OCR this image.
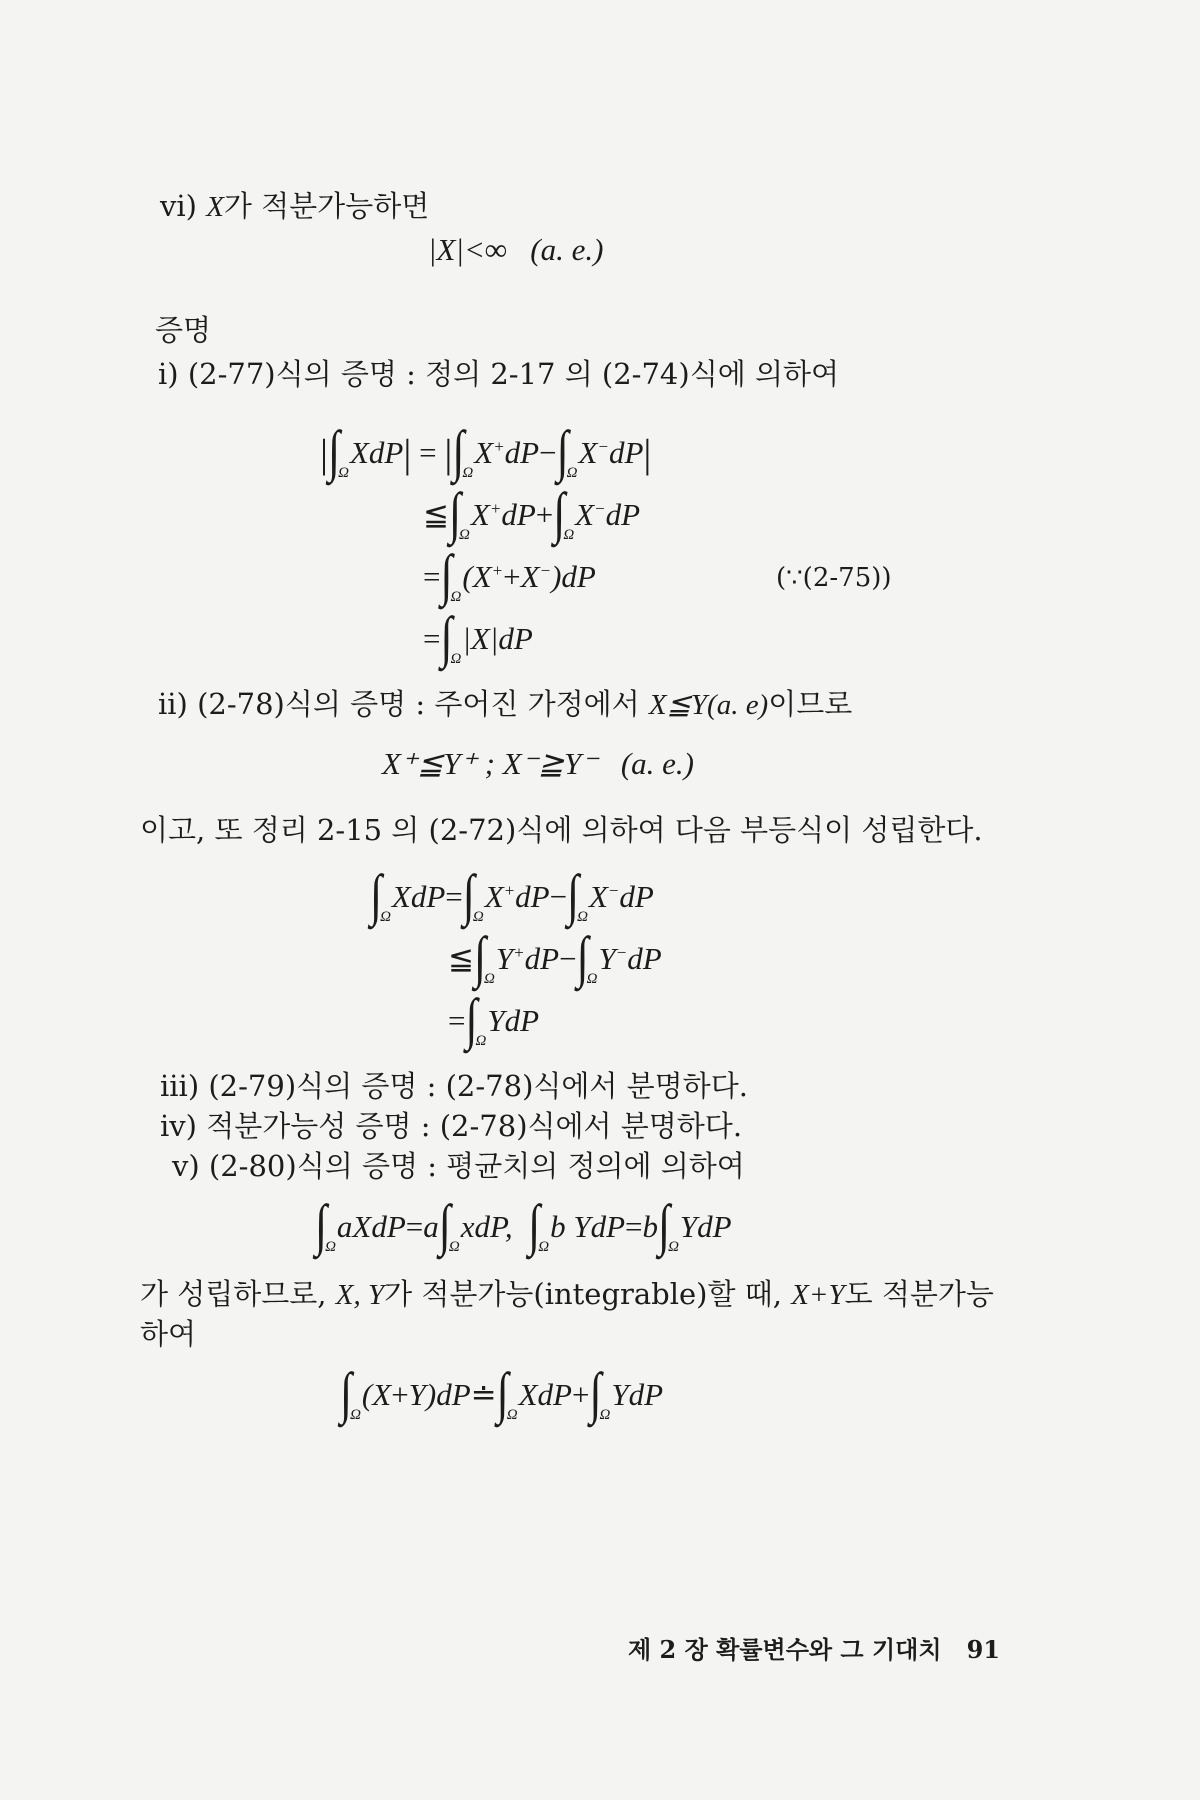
vi) X가 적분가능하면
|X|<∞ (a. e.)
증명
i) (2-77)식의 증명 : 정의 2-17 의 (2-74)식에 의하여
$|\int_\Omega XdP| = |\int_\Omega X^+dP-\int_\Omega X^-dP|$
$≦\int_\Omega X^+dP+\int_\Omega X^-dP$
$=\int_\Omega(X^++X^-)dP$	(∵(2-75))
$=\int_\Omega|X|dP$
ii) (2-78)식의 증명 : 주어진 가정에서 X≦Y(a. e)이므로
X⁺≦Y⁺ ; X⁻≧Y⁻ (a. e.)
이고, 또 정리 2-15 의 (2-72)식에 의하여 다음 부등식이 성립한다.
$\int_\Omega XdP=\int_\Omega X^+dP-\int_\Omega X^-dP$
$≦\int_\Omega Y^+dP-\int_\Omega Y^-dP$
$=\int_\Omega YdP$
iii) (2-79)식의 증명 : (2-78)식에서 분명하다.
iv) 적분가능성 증명 : (2-78)식에서 분명하다.
v) (2-80)식의 증명 : 평균치의 정의에 의하여
$\int_\Omega aXdP=a\int_\Omega xdP$,  $\int_\Omega b$ $YdP=b\int_\Omega YdP$
가 성립하므로, X, Y가 적분가능(integrable)할 때, X+Y도 적분가능
하여
$\int_\Omega(X+Y)dP≐\int_\Omega XdP+\int_\Omega YdP$
제 2 장 확률변수와 그 기대치 91
